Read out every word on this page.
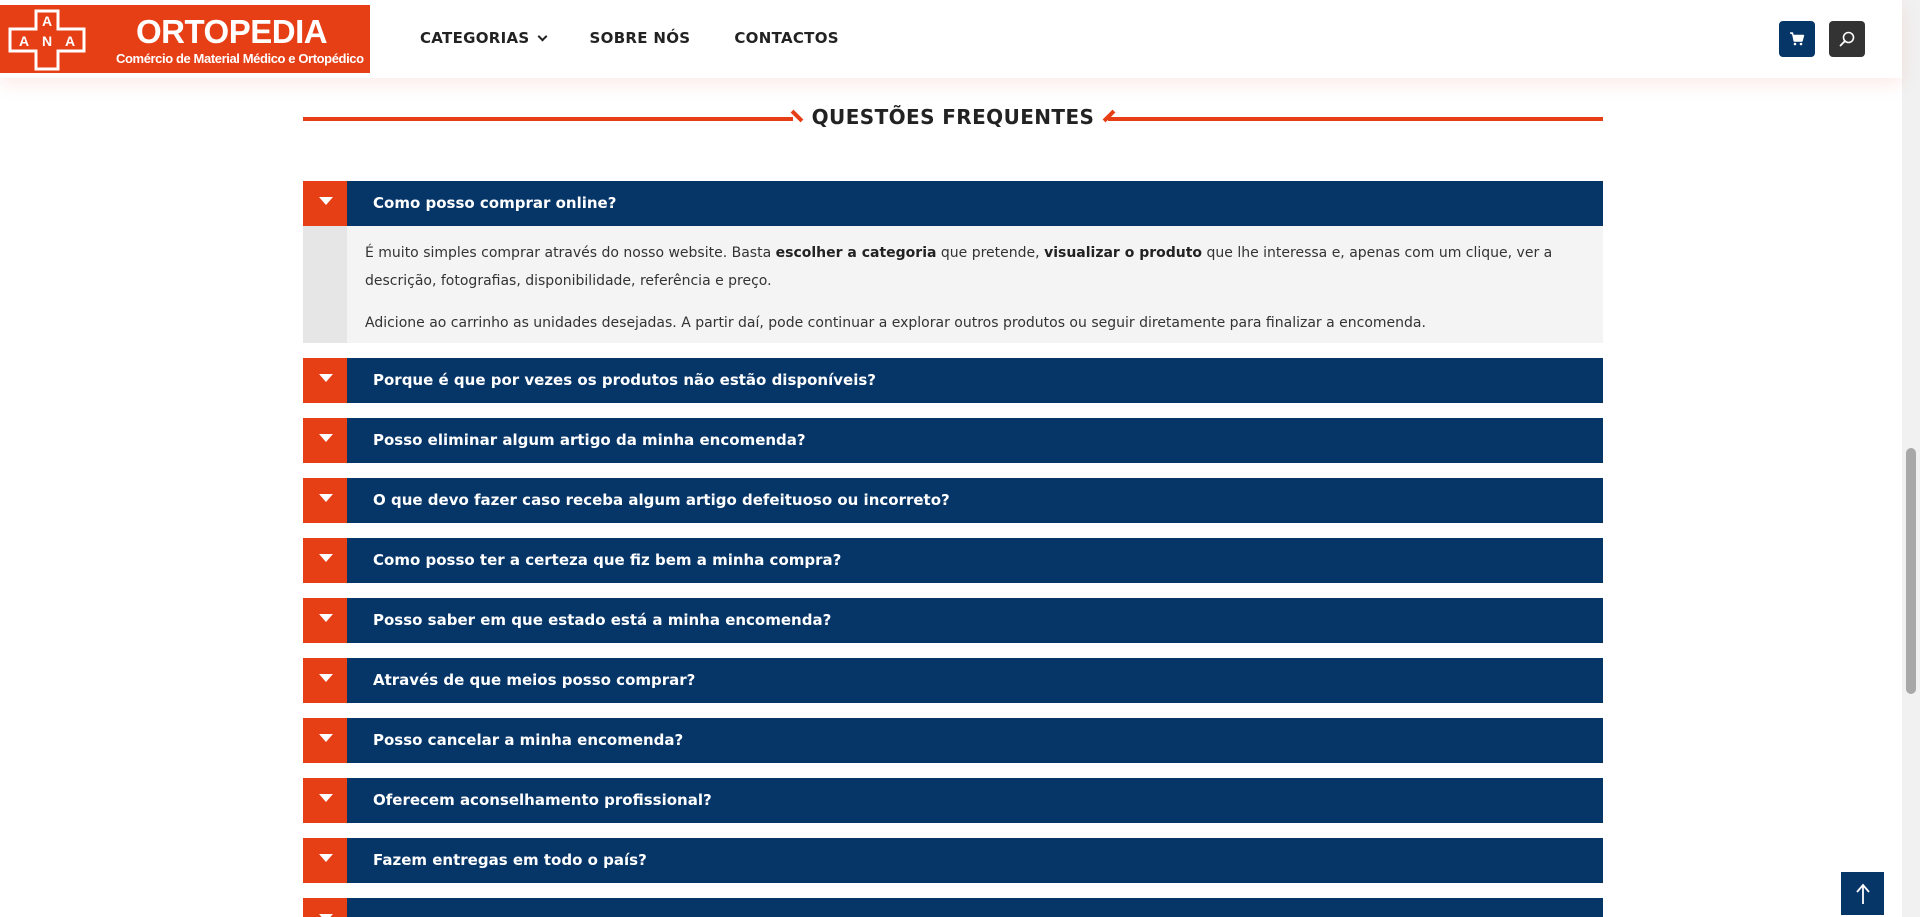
A
A N A ORTOPEDIA
Comércio de Material Médico e Ortopédico
CATEGORIAS	SOBRE NÓS	CONTACTOS
QUESTÕES FREQUENTES
Como posso comprar online?

É muito simples comprar através do nosso website. Basta escolher a categoria que pretende, visualizar o produto que lhe interessa e, apenas com um clique, ver a descrição, fotografias, disponibilidade, referência e preço.

Adicione ao carrinho as unidades desejadas. A partir daí, pode continuar a explorar outros produtos ou seguir diretamente para finalizar a encomenda.

Porque é que por vezes os produtos não estão disponíveis?
Posso eliminar algum artigo da minha encomenda?
O que devo fazer caso receba algum artigo defeituoso ou incorreto?
Como posso ter a certeza que fiz bem a minha compra?
Posso saber em que estado está a minha encomenda?
Através de que meios posso comprar?
Posso cancelar a minha encomenda?
Oferecem aconselhamento profissional?
Fazem entregas em todo o país?
